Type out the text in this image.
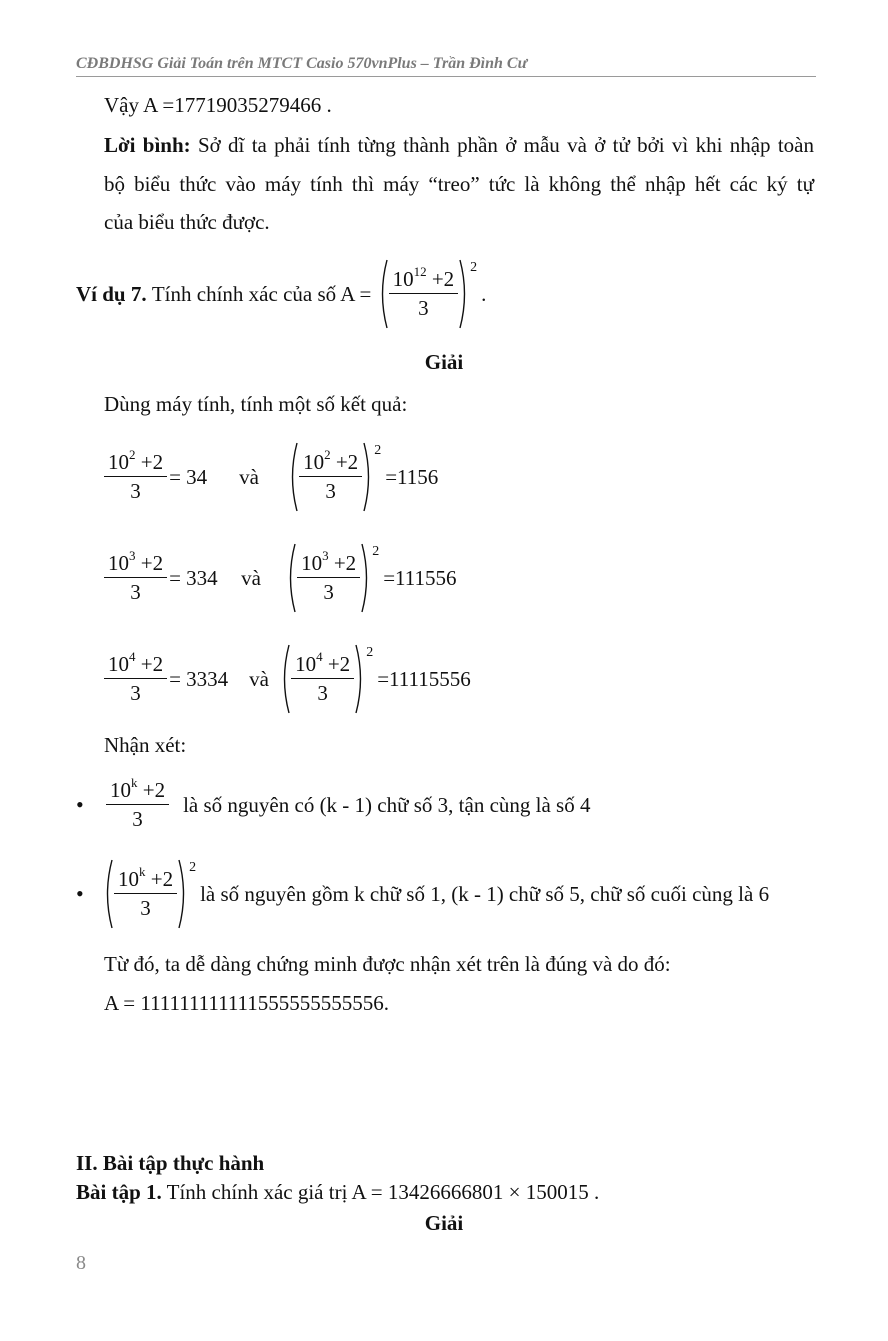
CĐBDHSG Giải Toán trên MTCT Casio 570vnPlus – Trần Đình Cư
Vậy A =17719035279466 .
Lời bình: Sở dĩ ta phải tính từng thành phần ở mẫu và ở tử bởi vì khi nhập toàn
bộ biểu thức vào máy tính thì máy “treo” tức là không thể nhập hết các ký tự
của biểu thức được.
Ví dụ 7.
Tính chính xác của số A =
$\frac{10^{12} +2}{3} 2$
.
Giải
Dùng máy tính, tính một số kết quả:
$\frac{10^2 +2}{3} = 34$	và	$\frac{10^2 +2}{3} 2$
=1156
$\frac{10^3 +2}{3} = 334$	và	$\frac{10^3 +2}{3} 2$
=111556
$\frac{10^4 +2}{3} = 3334$ và	$\frac{10^4 +2}{3} 2$
=11115556
Nhận xét:
•	$\frac{10^k +2}{3}$ là số nguyên có (k - 1) chữ số 3, tận cùng là số 4
•	$\frac{10^k +2}{3} 2$
là số nguyên gồm k chữ số 1, (k - 1) chữ số 5, chữ số cuối cùng là 6
Từ đó, ta dễ dàng chứng minh được nhận xét trên là đúng và do đó:
A = 111111111111555555555556.
II. Bài tập thực hành
Bài tập 1. Tính chính xác giá trị A = 13426666801 × 150015 .
Giải
8
